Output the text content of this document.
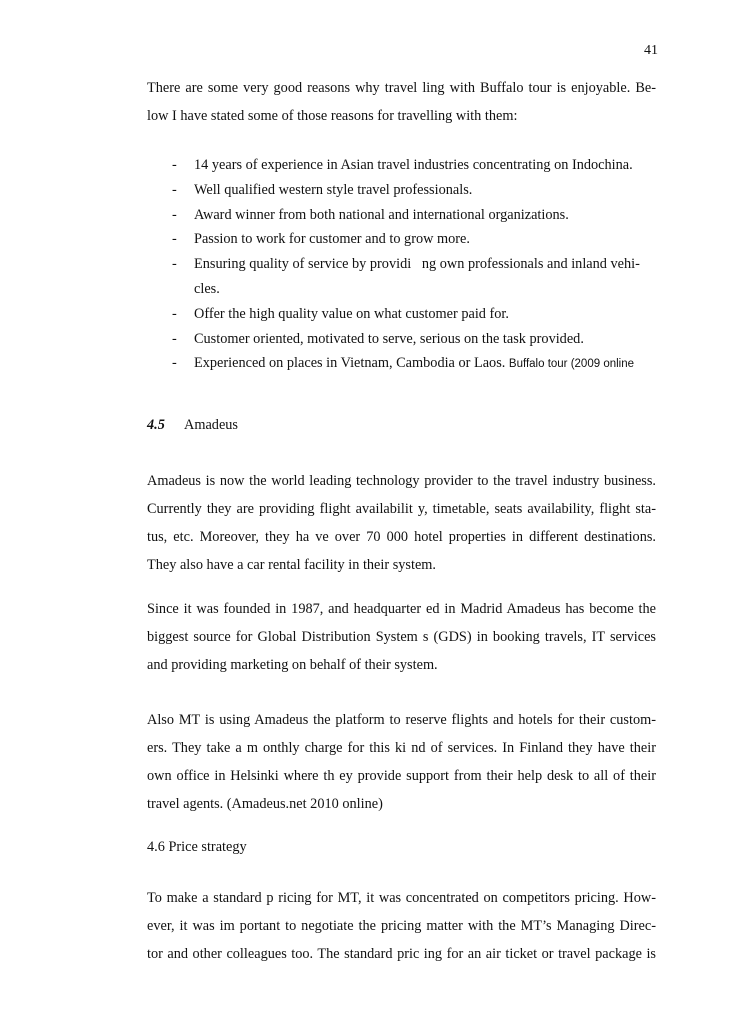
41
There are some very good reasons why travel ling with Buffalo tour is enjoyable. Be-
low I have stated some of those reasons for travelling with them:
- 14 years of experience in Asian travel industries concentrating on Indochina.
- Well qualified western style travel professionals.
- Award winner from both national and international organizations.
- Passion to work for customer and to grow more.
- Ensuring quality of service by providi   ng own professionals and inland vehi-
cles.
- Offer the high quality value on what customer paid for.
- Customer oriented, motivated to serve, serious on the task provided.
- Experienced on places in Vietnam, Cambodia or Laos. Buffalo tour (2009 online
4.5 Amadeus
Amadeus is now the world leading technology provider to the travel industry business.
Currently they are providing flight availabilit y, timetable, seats availability, flight sta-
tus, etc. Moreover, they ha ve over 70 000 hotel properties in different destinations.
They also have a car rental facility in their system.
Since it was founded in 1987, and headquarter ed in Madrid Amadeus has become the
biggest source for Global Distribution System s (GDS) in booking travels, IT services
and providing marketing on behalf of their system.
Also MT is using Amadeus the platform to reserve flights and hotels for their custom-
ers. They take a m onthly charge for this ki nd of services. In Finland they have their
own office in Helsinki where th ey provide support from their help desk to all of their
travel agents. (Amadeus.net 2010 online)
4.6 Price strategy
To make a standard p ricing for MT, it was concentrated on competitors pricing. How-
ever, it was im portant to negotiate the pricing matter with the MT’s Managing Direc-
tor and other colleagues too. The standard pric ing for an air ticket or travel package is
